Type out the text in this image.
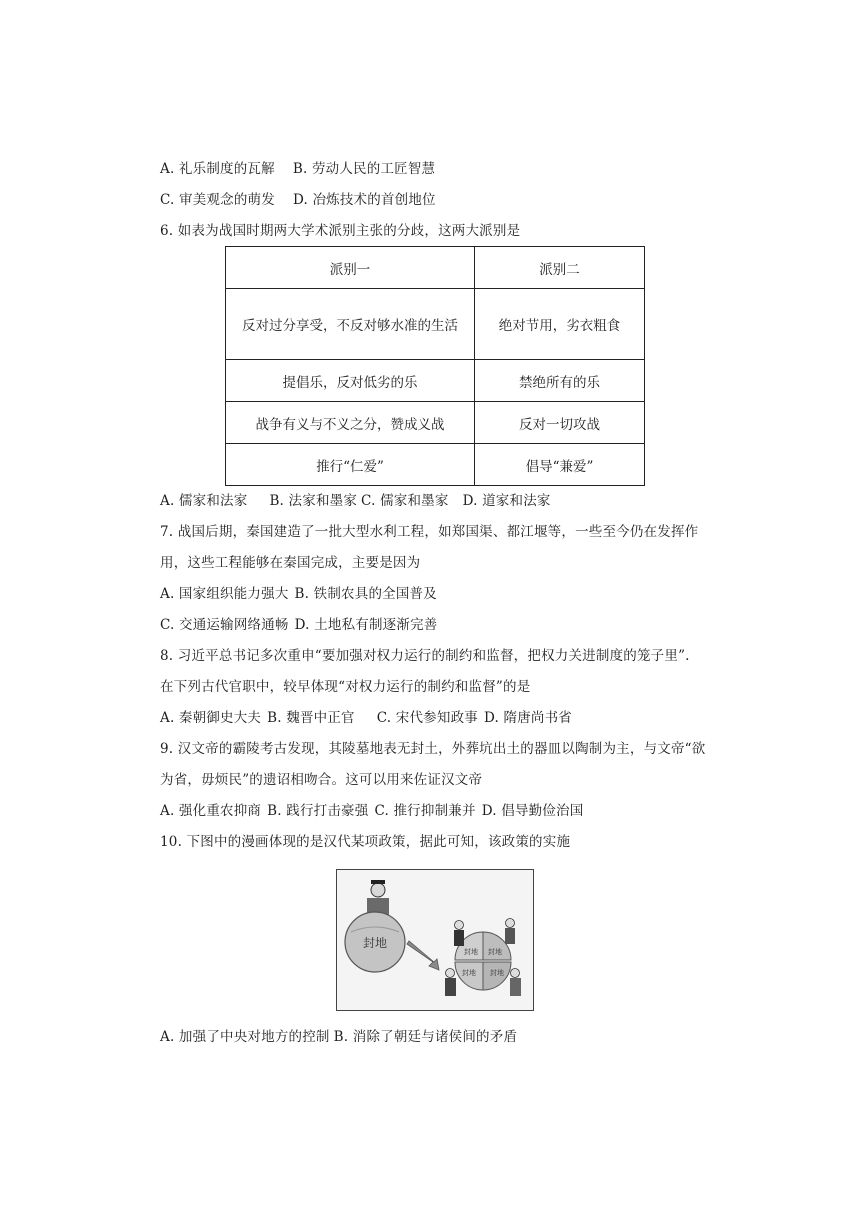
A. 礼乐制度的瓦解 B. 劳动人民的工匠智慧
C. 审美观念的萌发 D. 冶炼技术的首创地位
6. 如表为战国时期两大学术派别主张的分歧，这两大派别是
派别一	派别二
反对过分享受，不反对够水准的生活	绝对节用，劣衣粗食
提倡乐，反对低劣的乐	禁绝所有的乐
战争有义与不义之分，赞成义战	反对一切攻战
推行“仁爱”	倡导“兼爱”
A. 儒家和法家 B. 法家和墨家 C. 儒家和墨家 D. 道家和法家
7. 战国后期，秦国建造了一批大型水利工程，如郑国渠、都江堰等，一些至今仍在发挥作
用，这些工程能够在秦国完成，主要是因为
A. 国家组织能力强大 B. 铁制农具的全国普及
C. 交通运输网络通畅 D. 土地私有制逐渐完善
8. 习近平总书记多次重申“要加强对权力运行的制约和监督，把权力关进制度的笼子里”.
在下列古代官职中，较早体现“对权力运行的制约和监督”的是
A. 秦朝御史大夫 B. 魏晋中正官 C. 宋代参知政事 D. 隋唐尚书省
9. 汉文帝的霸陵考古发现，其陵墓地表无封土，外葬坑出土的器皿以陶制为主，与文帝“欲
为省，毋烦民”的遗诏相吻合。这可以用来佐证汉文帝
A. 强化重农抑商 B. 践行打击豪强 C. 推行抑制兼并 D. 倡导勤俭治国
10. 下图中的漫画体现的是汉代某项政策，据此可知，该政策的实施
封地
封地 封地
封地 封地
A. 加强了中央对地方的控制 B. 消除了朝廷与诸侯间的矛盾
